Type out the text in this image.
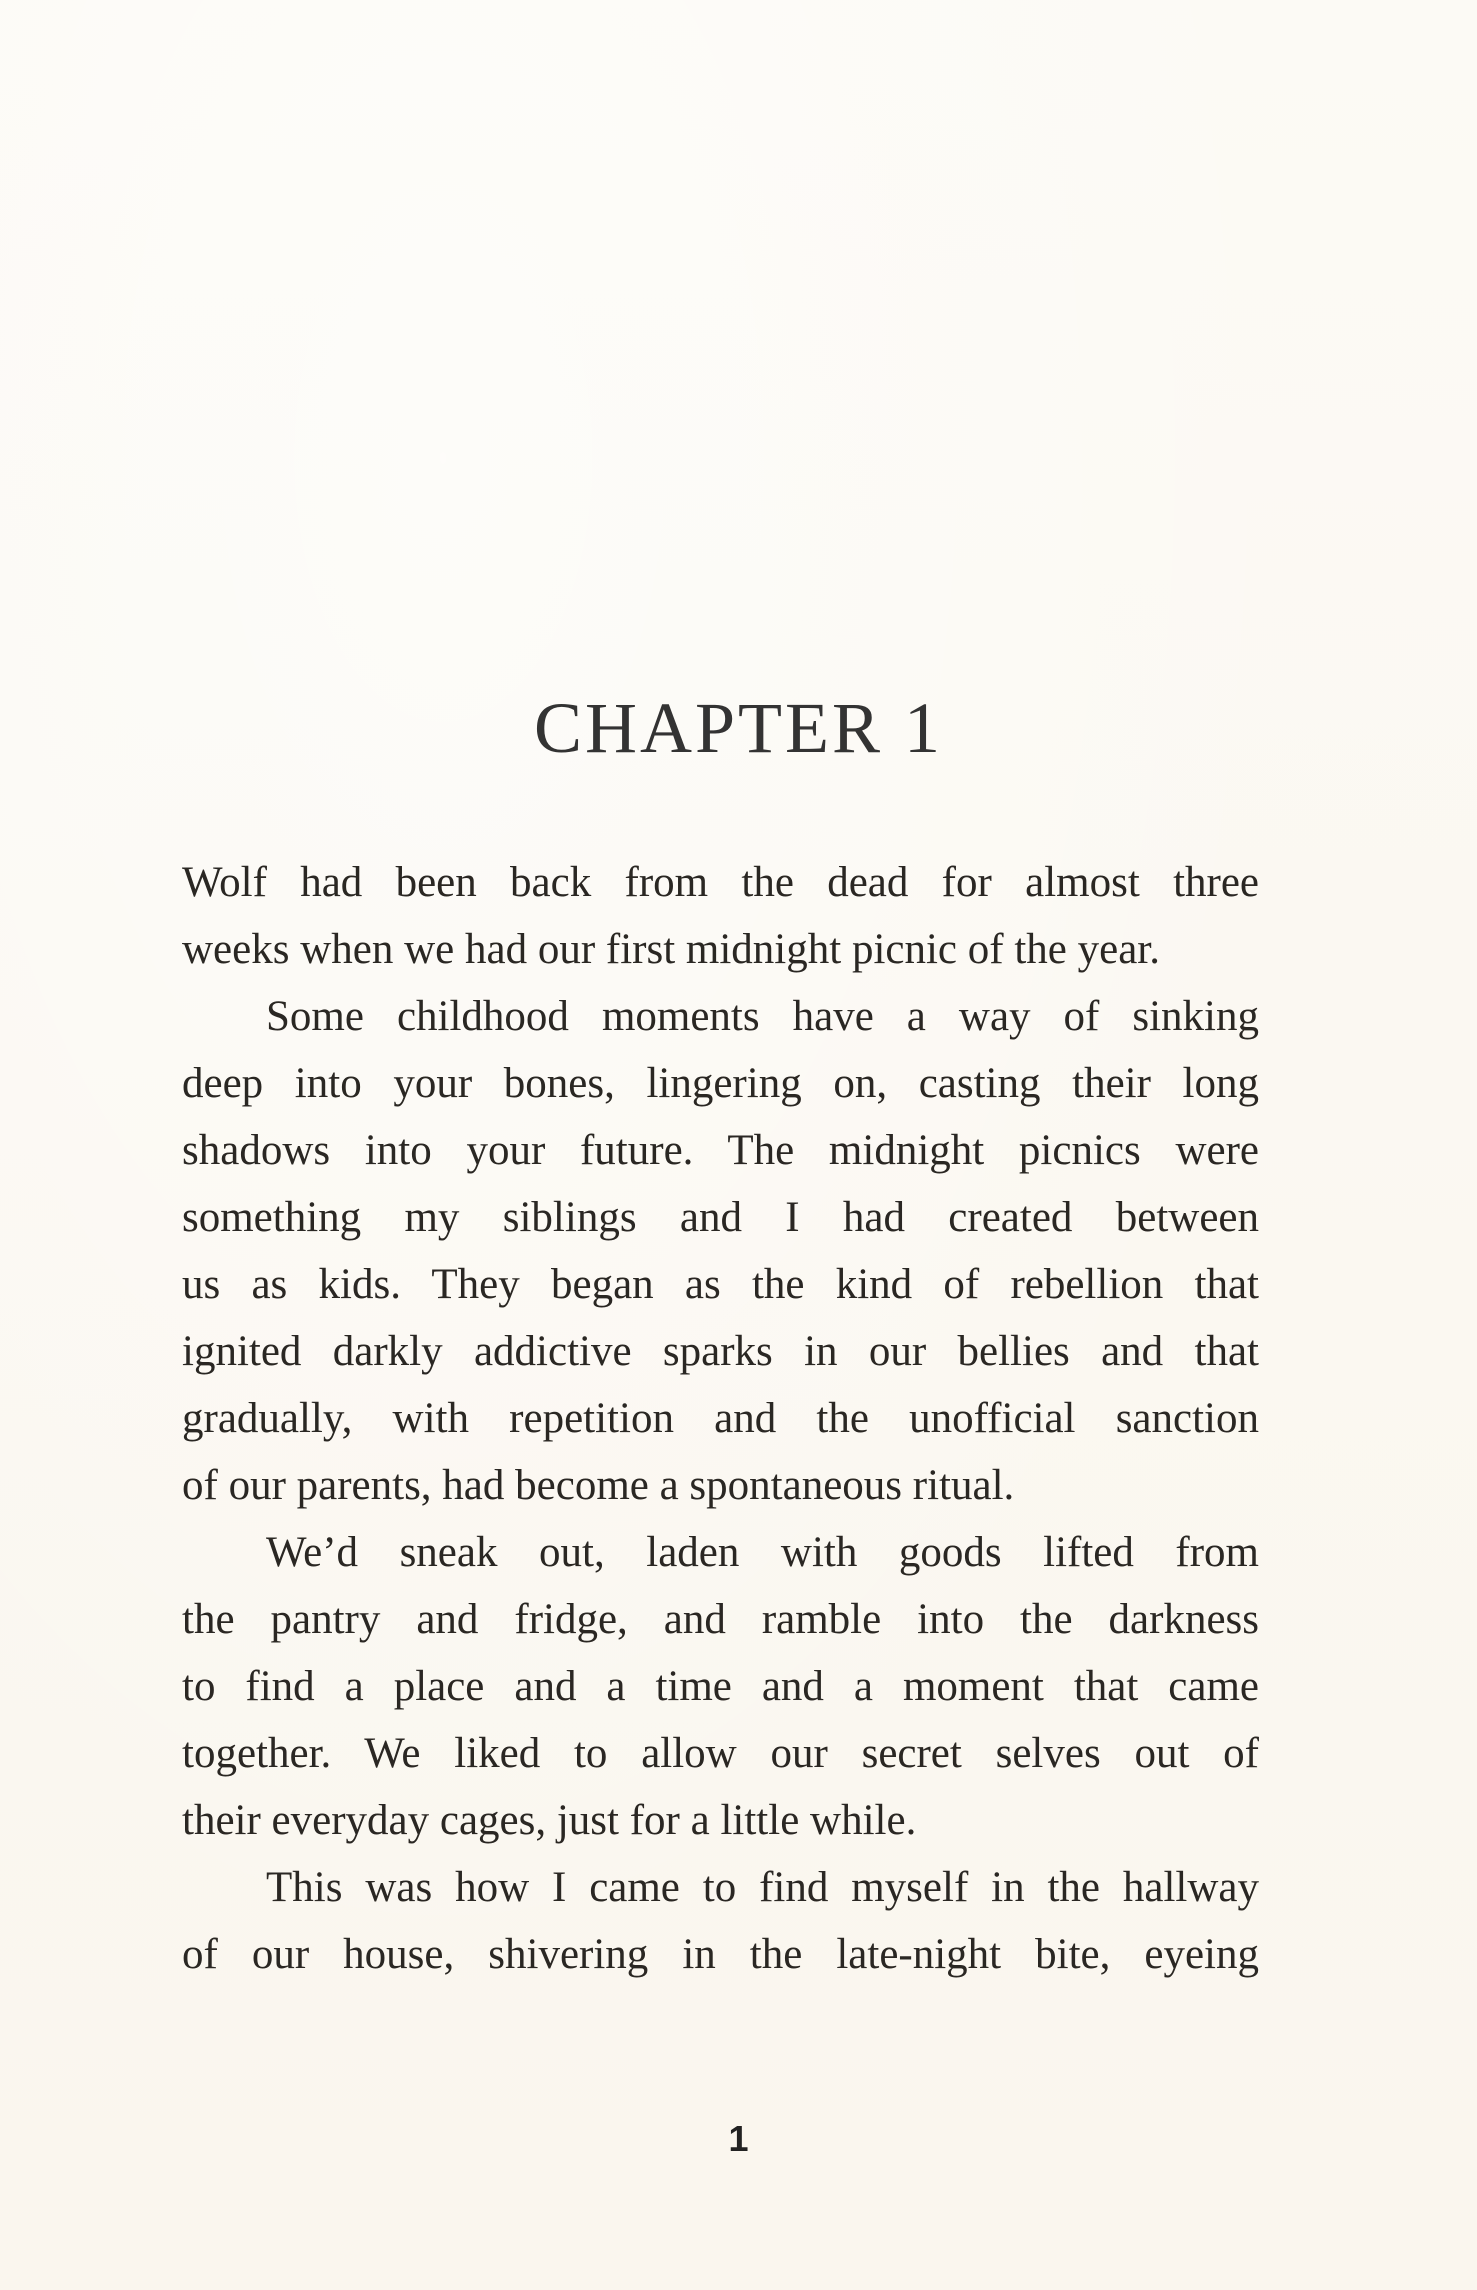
CHAPTER 1
Wolf had been back from the dead for almost three
weeks when we had our first midnight picnic of the year.
Some childhood moments have a way of sinking
deep into your bones, lingering on, casting their long
shadows into your future. The midnight picnics were
something my siblings and I had created between
us as kids. They began as the kind of rebellion that
ignited darkly addictive sparks in our bellies and that
gradually, with repetition and the unofficial sanction
of our parents, had become a spontaneous ritual.
We’d sneak out, laden with goods lifted from
the pantry and fridge, and ramble into the darkness
to find a place and a time and a moment that came
together. We liked to allow our secret selves out of
their everyday cages, just for a little while.
This was how I came to find myself in the hallway
of our house, shivering in the late-night bite, eyeing
1
